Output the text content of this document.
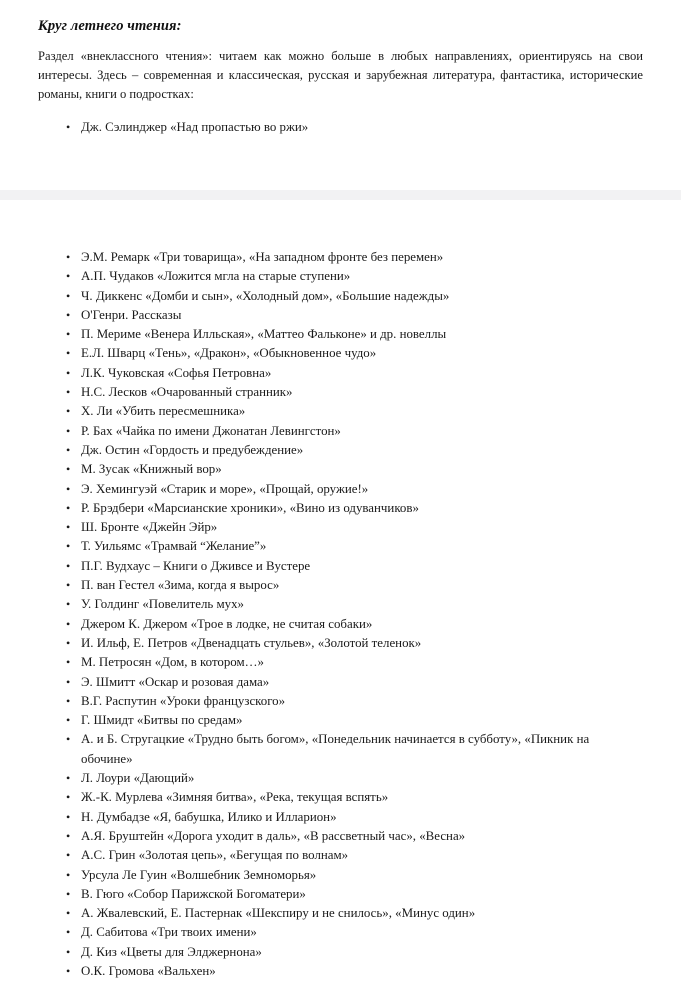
Круг летнего чтения:

Раздел «внеклассного чтения»: читаем как можно больше в любых направлениях, ориентируясь на свои интересы. Здесь – современная и классическая, русская и зарубежная литература, фантастика, исторические романы, книги о подростках:

• Дж. Сэлинджер «Над пропастью во ржи»
• Э.М. Ремарк «Три товарища», «На западном фронте без перемен»
• А.П. Чудаков «Ложится мгла на старые ступени»
• Ч. Диккенс «Домби и сын», «Холодный дом», «Большие надежды»
• О'Генри. Рассказы
• П. Мериме «Венера Илльская», «Маттео Фальконе» и др. новеллы
• Е.Л. Шварц «Тень», «Дракон», «Обыкновенное чудо»
• Л.К. Чуковская «Софья Петровна»
• Н.С. Лесков «Очарованный странник»
• Х. Ли «Убить пересмешника»
• Р. Бах «Чайка по имени Джонатан Левингстон»
• Дж. Остин «Гордость и предубеждение»
• М. Зусак «Книжный вор»
• Э. Хемингуэй «Старик и море», «Прощай, оружие!»
• Р. Брэдбери «Марсианские хроники», «Вино из одуванчиков»
• Ш. Бронте «Джейн Эйр»
• Т. Уильямс «Трамвай “Желание”»
• П.Г. Вудхаус – Книги о Дживсе и Вустере
• П. ван Гестел «Зима, когда я вырос»
• У. Голдинг «Повелитель мух»
• Джером К. Джером «Трое в лодке, не считая собаки»
• И. Ильф, Е. Петров «Двенадцать стульев», «Золотой теленок»
• М. Петросян «Дом, в котором…»
• Э. Шмитт «Оскар и розовая дама»
• В.Г. Распутин «Уроки французского»
• Г. Шмидт «Битвы по средам»
• А. и Б. Стругацкие «Трудно быть богом», «Понедельник начинается в субботу», «Пикник на обочине»
• Л. Лоури «Дающий»
• Ж.-К. Мурлева «Зимняя битва», «Река, текущая вспять»
• Н. Думбадзе «Я, бабушка, Илико и Илларион»
• А.Я. Бруштейн «Дорога уходит в даль», «В рассветный час», «Весна»
• А.С. Грин «Золотая цепь», «Бегущая по волнам»
• Урсула Ле Гуин «Волшебник Земноморья»
• В. Гюго «Собор Парижской Богоматери»
• А. Жвалевский, Е. Пастернак «Шекспиру и не снилось», «Минус один»
• Д. Сабитова «Три твоих имени»
• Д. Киз «Цветы для Элджернона»
• О.К. Громова «Вальхен»
